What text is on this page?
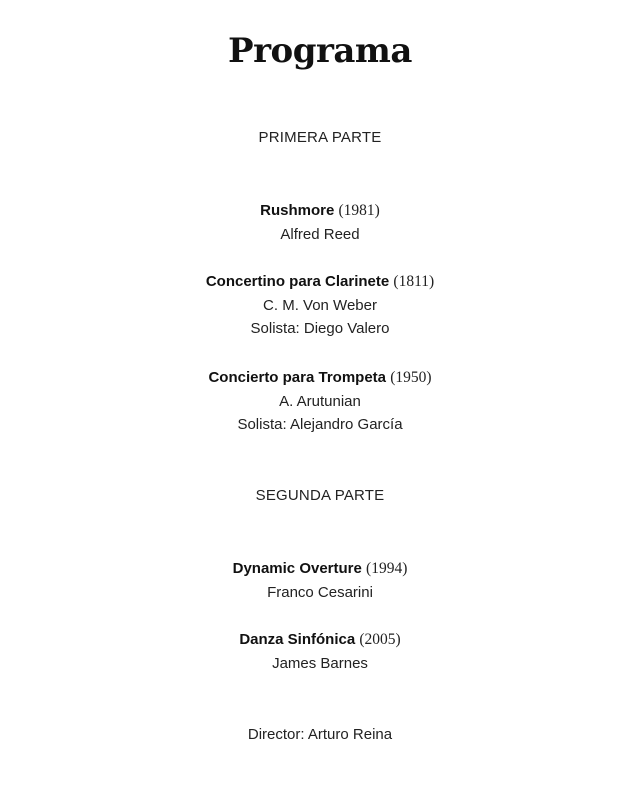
Programa
PRIMERA PARTE
Rushmore (1981)
Alfred Reed
Concertino para Clarinete (1811)
C. M. Von Weber
Solista: Diego Valero
Concierto para Trompeta (1950)
A. Arutunian
Solista: Alejandro García
SEGUNDA PARTE
Dynamic Overture (1994)
Franco Cesarini
Danza Sinfónica (2005)
James Barnes
Director: Arturo Reina
